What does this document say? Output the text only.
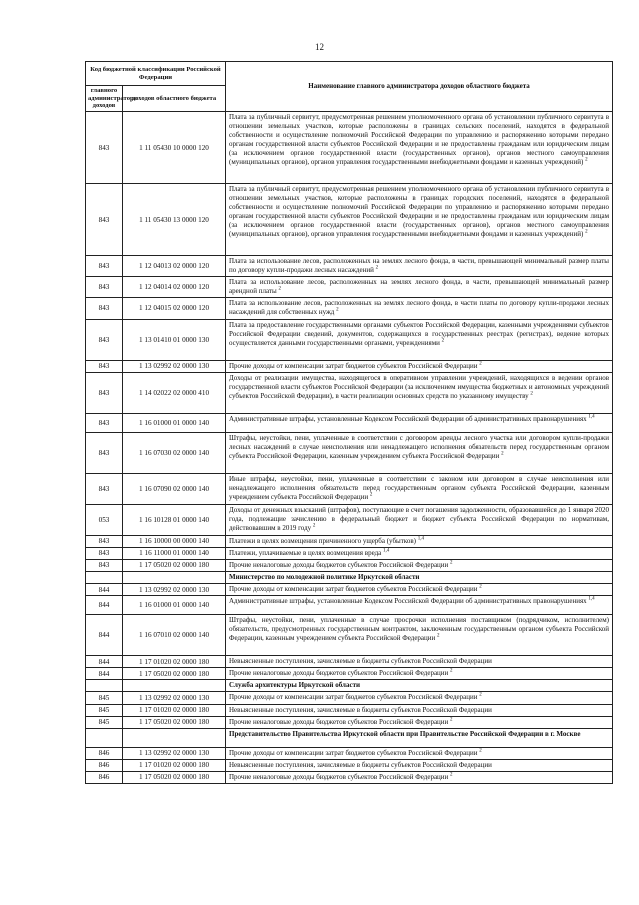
12
Код бюджетной классификации Российской Федерации		Наименование главного администратора доходов областного бюджета
главного администратора доходов	доходов областного бюджета	
843	1 11 05430 10 0000 120	Плата за публичный сервитут, предусмотренная решением уполномоченного органа об установлении публичного сервитута в отношении земельных участков, которые расположены в границах сельских поселений, находятся в федеральной собственности и осуществление полномочий Российской Федерации по управлению и распоряжению которыми передано органам государственной власти субъектов Российской Федерации и не предоставлены гражданам или юридическим лицам (за исключением органов государственной власти (государственных органов), органов местного самоуправления (муниципальных органов), органов управления государственными внебюджетными фондами и казенных учреждений) $^2$
843	1 11 05430 13 0000 120	Плата за публичный сервитут, предусмотренная решением уполномоченного органа об установлении публичного сервитута в отношении земельных участков, которые расположены в границах городских поселений, находятся в федеральной собственности и осуществление полномочий Российской Федерации по управлению и распоряжению которыми передано органам государственной власти субъектов Российской Федерации и не предоставлены гражданам или юридическим лицам (за исключением органов государственной власти (государственных органов), органов местного самоуправления (муниципальных органов), органов управления государственными внебюджетными фондами и казенных учреждений) $^2$
843	1 12 04013 02 0000 120	Плата за использование лесов, расположенных на землях лесного фонда, в части, превышающей минимальный размер платы по договору купли-продажи лесных насаждений $^2$
843	1 12 04014 02 0000 120	Плата за использование лесов, расположенных на землях лесного фонда, в части, превышающей минимальный размер арендной платы $^2$
843	1 12 04015 02 0000 120	Плата за использование лесов, расположенных на землях лесного фонда, в части платы по договору купли-продажи лесных насаждений для собственных нужд $^2$
843	1 13 01410 01 0000 130	Плата за предоставление государственными органами субъектов Российской Федерации, казенными учреждениями субъектов Российской Федерации сведений, документов, содержащихся в государственных реестрах (регистрах), ведение которых осуществляется данными государственными органами, учреждениями $^2$
843	1 13 02992 02 0000 130	Прочие доходы от компенсации затрат бюджетов субъектов Российской Федерации $^2$
843	1 14 02022 02 0000 410	Доходы от реализации имущества, находящегося в оперативном управлении учреждений, находящихся в ведении органов государственной власти субъектов Российской Федерации (за исключением имущества бюджетных и автономных учреждений субъектов Российской Федерации), в части реализации основных средств по указанному имуществу $^2$
843	1 16 01000 01 0000 140	Административные штрафы, установленные Кодексом Российской Федерации об административных правонарушениях $^{1,4}$
843	1 16 07030 02 0000 140	Штрафы, неустойки, пени, уплаченные в соответствии с договором аренды лесного участка или договором купли-продажи лесных насаждений в случае неисполнения или ненадлежащего исполнения обязательств перед государственным органом субъекта Российской Федерации, казенным учреждением субъекта Российской Федерации $^2$
843	1 16 07090 02 0000 140	Иные штрафы, неустойки, пени, уплаченные в соответствии с законом или договором в случае неисполнения или ненадлежащего исполнения обязательств перед государственным органом субъекта Российской Федерации, казенным учреждением субъекта Российской Федерации $^2$
053	1 16 10128 01 0000 140	Доходы от денежных взысканий (штрафов), поступающие в счет погашения задолженности, образовавшейся до 1 января 2020 года, подлежащие зачислению в федеральный бюджет и бюджет субъекта Российской Федерации по нормативам, действовавшим в 2019 году $^2$
843	1 16 10000 00 0000 140	Платежи в целях возмещения причиненного ущерба (убытков) $^{1,4}$
843	1 16 11000 01 0000 140	Платежи, уплачиваемые в целях возмещения вреда $^{1,4}$
843	1 17 05020 02 0000 180	Прочие неналоговые доходы бюджетов субъектов Российской Федерации $^2$
		Министерство по молодежной политике Иркутской области
844	1 13 02992 02 0000 130	Прочие доходы от компенсации затрат бюджетов субъектов Российской Федерации $^2$
844	1 16 01000 01 0000 140	Административные штрафы, установленные Кодексом Российской Федерации об административных правонарушениях $^{1,4}$
844	1 16 07010 02 0000 140	Штрафы, неустойки, пени, уплаченные в случае просрочки исполнения поставщиком (подрядчиком, исполнителем) обязательств, предусмотренных государственным контрактом, заключенным государственным органом субъекта Российской Федерации, казенным учреждением субъекта Российской Федерации $^2$
844	1 17 01020 02 0000 180	Невыясненные поступления, зачисляемые в бюджеты субъектов Российской Федерации
844	1 17 05020 02 0000 180	Прочие неналоговые доходы бюджетов субъектов Российской Федерации $^2$
		Служба архитектуры Иркутской области
845	1 13 02992 02 0000 130	Прочие доходы от компенсации затрат бюджетов субъектов Российской Федерации $^2$
845	1 17 01020 02 0000 180	Невыясненные поступления, зачисляемые в бюджеты субъектов Российской Федерации
845	1 17 05020 02 0000 180	Прочие неналоговые доходы бюджетов субъектов Российской Федерации $^2$
		Представительство Правительства Иркутской области при Правительстве Российской Федерации в г. Москве
846	1 13 02992 02 0000 130	Прочие доходы от компенсации затрат бюджетов субъектов Российской Федерации $^2$
846	1 17 01020 02 0000 180	Невыясненные поступления, зачисляемые в бюджеты субъектов Российской Федерации
846	1 17 05020 02 0000 180	Прочие неналоговые доходы бюджетов субъектов Российской Федерации $^2$
